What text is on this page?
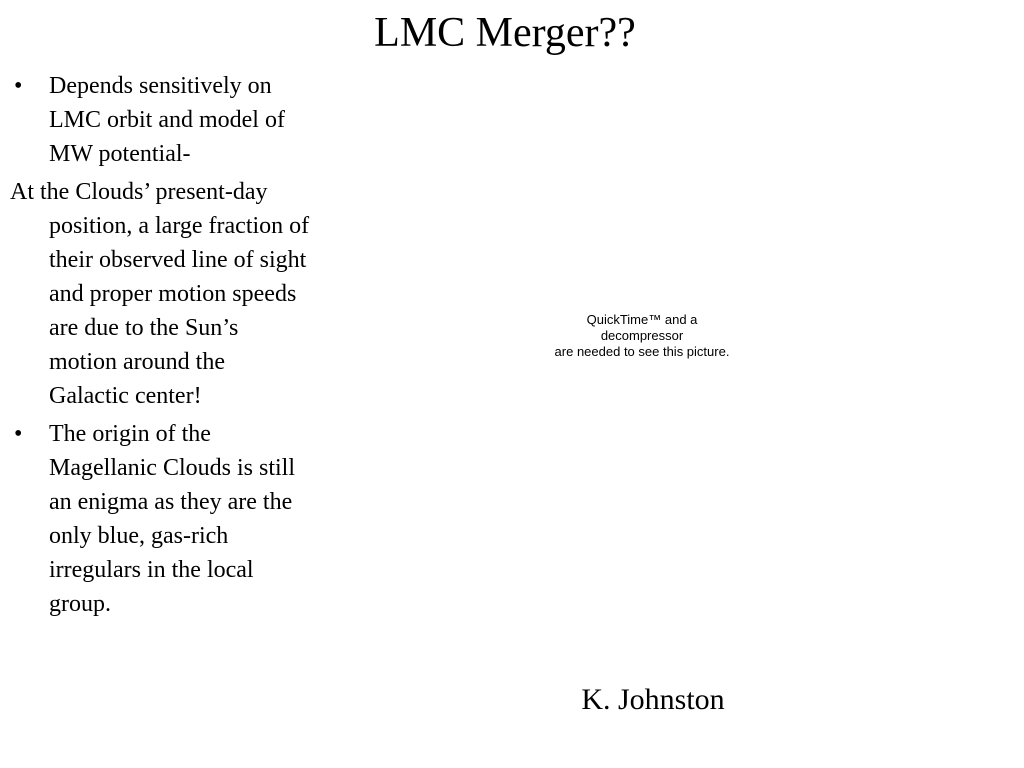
LMC Merger??
• Depends sensitively on LMC orbit and model of MW potential-
At the Clouds’ present-day position, a large fraction of their observed line of sight and proper motion speeds are due to the Sun’s motion around the Galactic center!
• The origin of the Magellanic Clouds is still an enigma as they are the only blue, gas-rich irregulars in the local group.
QuickTime™ and a
decompressor
are needed to see this picture.
K. Johnston
